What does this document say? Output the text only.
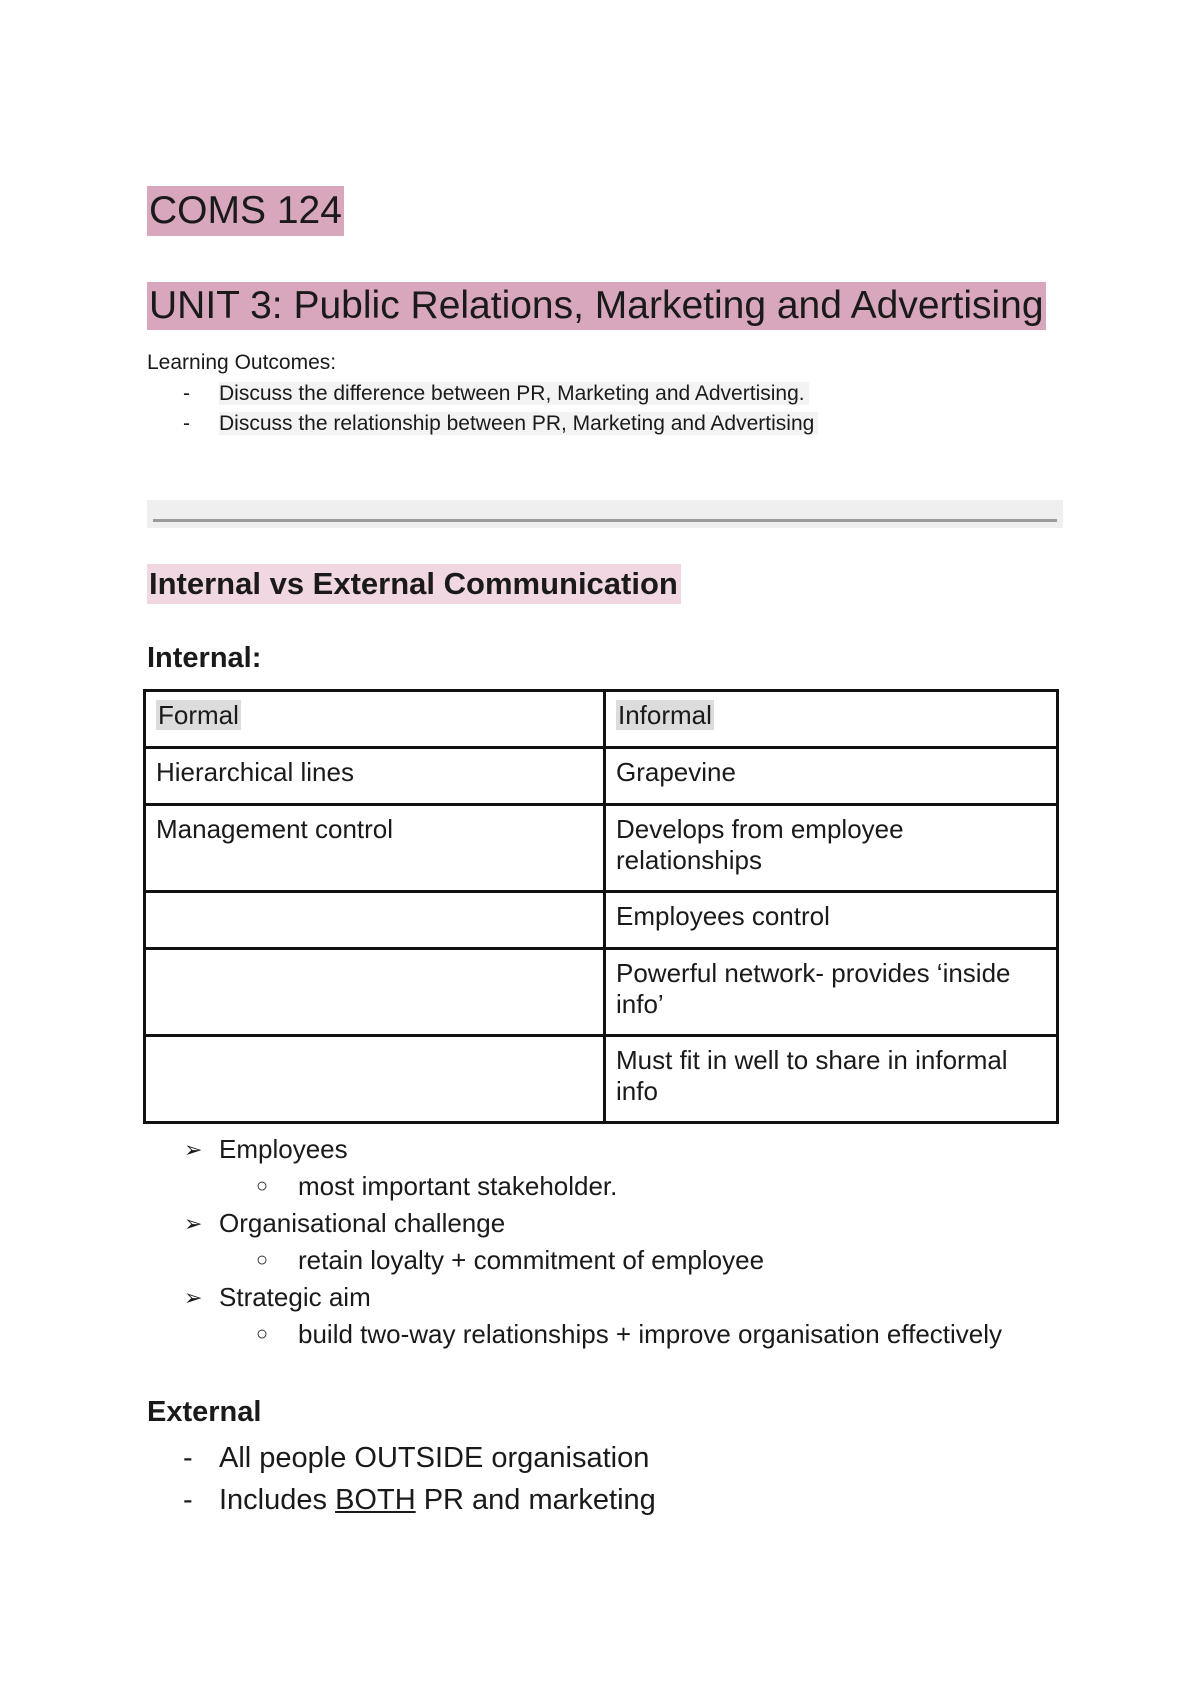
COMS 124
UNIT 3: Public Relations, Marketing and Advertising
Learning Outcomes:
- Discuss the difference between PR, Marketing and Advertising.
- Discuss the relationship between PR, Marketing and Advertising
Internal vs External Communication
Internal:
Formal	Informal
Hierarchical lines	Grapevine
Management control	Develops from employee relationships
	Employees control
	Powerful network- provides ‘inside info’
	Must fit in well to share in informal info
➢ Employees
○ most important stakeholder.
➢ Organisational challenge
○ retain loyalty + commitment of employee
➢ Strategic aim
○ build two-way relationships + improve organisation effectively
External
- All people OUTSIDE organisation
- Includes BOTH PR and marketing
